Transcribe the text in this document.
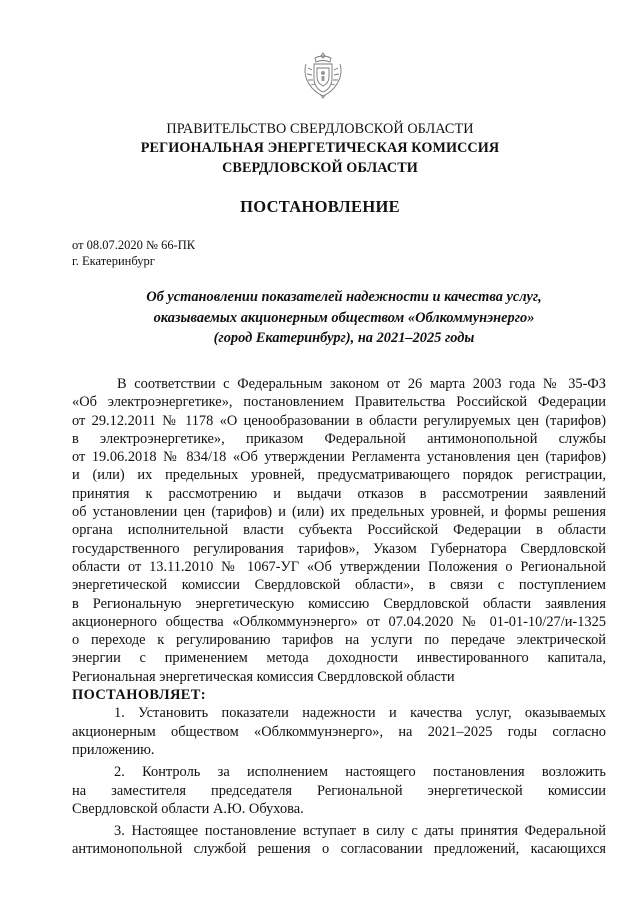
ПРАВИТЕЛЬСТВО СВЕРДЛОВСКОЙ ОБЛАСТИ

РЕГИОНАЛЬНАЯ ЭНЕРГЕТИЧЕСКАЯ КОМИССИЯ

СВЕРДЛОВСКОЙ ОБЛАСТИ

ПОСТАНОВЛЕНИЕ

от 08.07.2020 № 66-ПК

г. Екатеринбург

Об установлении показателей надежности и качества услуг,
оказываемых акционерным обществом «Облкоммунэнерго»
(город Екатеринбург), на 2021–2025 годы

В соответствии с Федеральным законом от 26 марта 2003 года № 35-ФЗ
«Об электроэнергетике», постановлением Правительства Российской Федерации
от 29.12.2011 № 1178 «О ценообразовании в области регулируемых цен (тарифов)
в электроэнергетике», приказом Федеральной антимонопольной службы
от 19.06.2018 № 834/18 «Об утверждении Регламента установления цен (тарифов)
и (или) их предельных уровней, предусматривающего порядок регистрации,
принятия к рассмотрению и выдачи отказов в рассмотрении заявлений
об установлении цен (тарифов) и (или) их предельных уровней, и формы решения
органа исполнительной власти субъекта Российской Федерации в области
государственного регулирования тарифов», Указом Губернатора Свердловской
области от 13.11.2010 № 1067-УГ «Об утверждении Положения о Региональной
энергетической комиссии Свердловской области», в связи с поступлением
в Региональную энергетическую комиссию Свердловской области заявления
акционерного общества «Облкоммунэнерго» от 07.04.2020 № 01-01-10/27/и-1325
о переходе к регулированию тарифов на услуги по передаче электрической
энергии с применением метода доходности инвестированного капитала,
Региональная энергетическая комиссия Свердловской области
ПОСТАНОВЛЯЕТ:
1. Установить показатели надежности и качества услуг, оказываемых
акционерным обществом «Облкоммунэнерго», на 2021–2025 годы согласно
приложению.
2. Контроль за исполнением настоящего постановления возложить
на заместителя председателя Региональной энергетической комиссии
Свердловской области А.Ю. Обухова.
3. Настоящее постановление вступает в силу с даты принятия Федеральной
антимонопольной службой решения о согласовании предложений, касающихся
